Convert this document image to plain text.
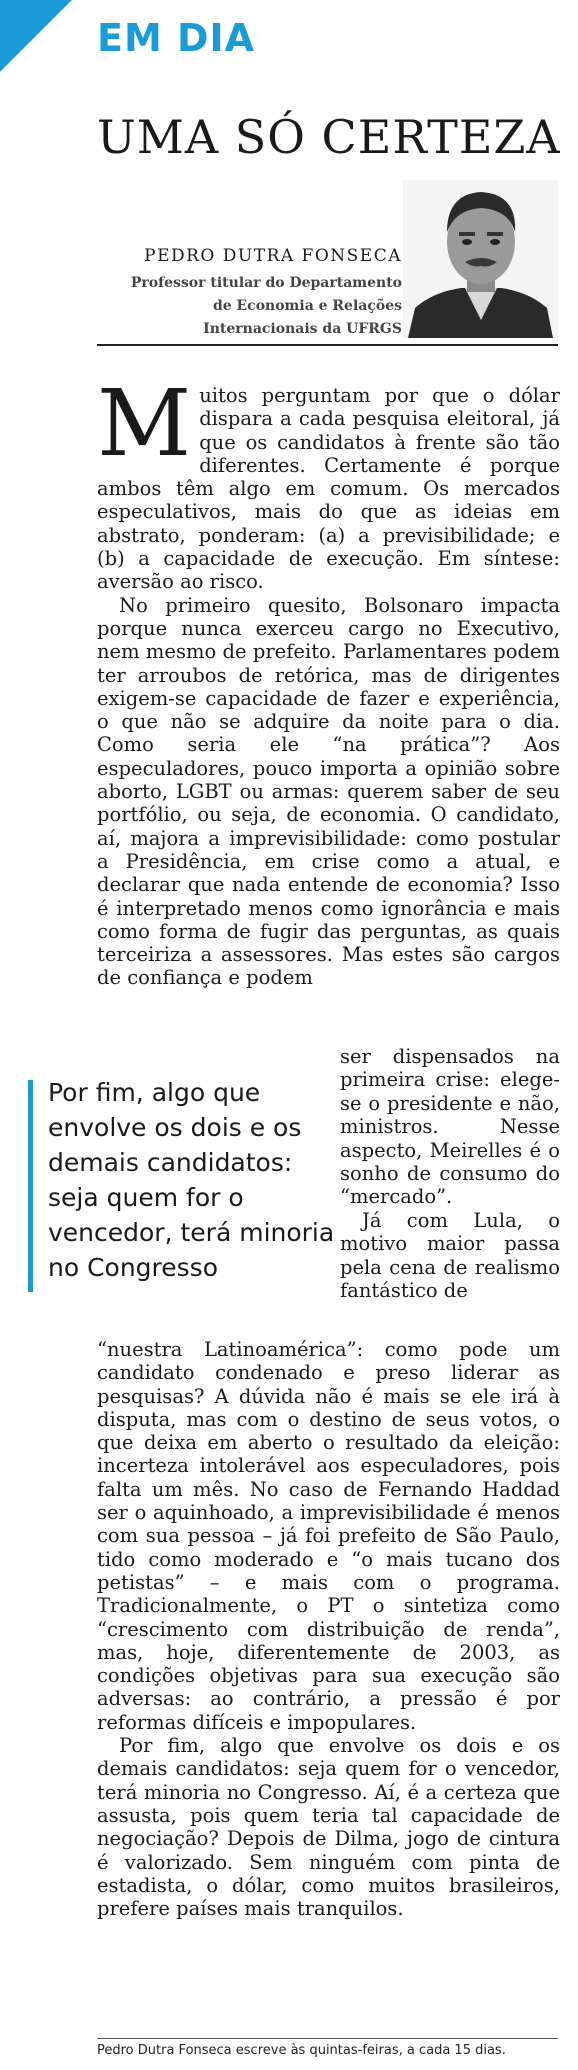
EM DIA
UMA SÓ CERTEZA
PEDRO DUTRA FONSECA
Professor titular do Departamento
de Economia e Relações
Internacionais da UFRGS
M uitos perguntam por que o dólar dispara a cada pesquisa eleitoral, já que os candidatos à frente são tão diferentes. Certamente é porque ambos têm algo em comum. Os mercados especulativos, mais do que as ideias em abstrato, ponderam: (a) a previsibilidade; e (b) a capacidade de execução. Em síntese: aversão ao risco.

No primeiro quesito, Bolsonaro impacta porque nunca exerceu cargo no Executivo, nem mesmo de prefeito. Parlamentares podem ter arroubos de retórica, mas de dirigentes exigem-se capacidade de fazer e experiência, o que não se adquire da noite para o dia. Como seria ele “na prática”? Aos especuladores, pouco importa a opinião sobre aborto, LGBT ou armas: querem saber de seu portfólio, ou seja, de economia. O candidato, aí, majora a imprevisibilidade: como postular a Presidência, em crise como a atual, e declarar que nada entende de economia? Isso é interpretado menos como ignorância e mais como forma de fugir das perguntas, as quais terceiriza a assessores. Mas estes são cargos de confiança e podem

Por fim, algo que envolve os dois e os demais candidatos: seja quem for o vencedor, terá minoria no Congresso

ser dispensados na primeira crise: elege-se o presidente e não, ministros. Nesse aspecto, Meirelles é o sonho de consumo do “mercado”.

Já com Lula, o motivo maior passa pela cena de realismo fantástico de

“nuestra Latinoamérica”: como pode um candidato condenado e preso liderar as pesquisas? A dúvida não é mais se ele irá à disputa, mas com o destino de seus votos, o que deixa em aberto o resultado da eleição: incerteza intolerável aos especuladores, pois falta um mês. No caso de Fernando Haddad ser o aquinhoado, a imprevisibilidade é menos com sua pessoa – já foi prefeito de São Paulo, tido como moderado e “o mais tucano dos petistas” – e mais com o programa. Tradicionalmente, o PT o sintetiza como “crescimento com distribuição de renda”, mas, hoje, diferentemente de 2003, as condições objetivas para sua execução são adversas: ao contrário, a pressão é por reformas difíceis e impopulares.

Por fim, algo que envolve os dois e os demais candidatos: seja quem for o vencedor, terá minoria no Congresso. Aí, é a certeza que assusta, pois quem teria tal capacidade de negociação? Depois de Dilma, jogo de cintura é valorizado. Sem ninguém com pinta de estadista, o dólar, como muitos brasileiros, prefere países mais tranquilos.

Pedro Dutra Fonseca escreve às quintas-feiras, a cada 15 dias.
